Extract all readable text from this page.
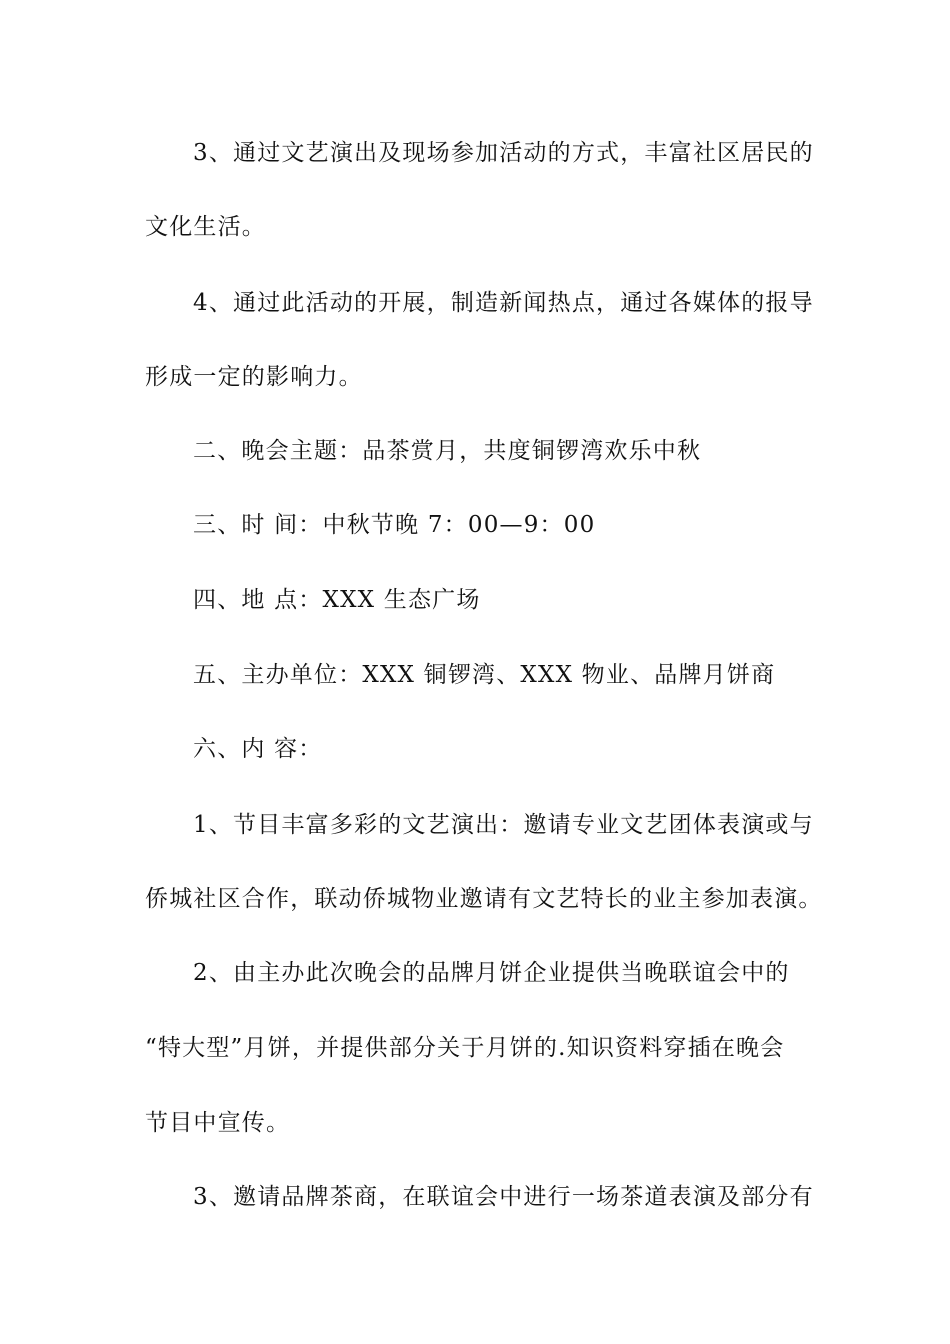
3、通过文艺演出及现场参加活动的方式，丰富社区居民的
文化生活。
4、通过此活动的开展，制造新闻热点，通过各媒体的报导
形成一定的影响力。
二、晚会主题：品茶赏月，共度铜锣湾欢乐中秋
三、时 间：中秋节晚 7：00—9：00
四、地 点：XXX 生态广场
五、主办单位：XXX 铜锣湾、XXX 物业、品牌月饼商
六、内 容：
1、节目丰富多彩的文艺演出：邀请专业文艺团体表演或与
侨城社区合作，联动侨城物业邀请有文艺特长的业主参加表演。
2、由主办此次晚会的品牌月饼企业提供当晚联谊会中的
“特大型”月饼，并提供部分关于月饼的.知识资料穿插在晚会
节目中宣传。
3、邀请品牌茶商，在联谊会中进行一场茶道表演及部分有
